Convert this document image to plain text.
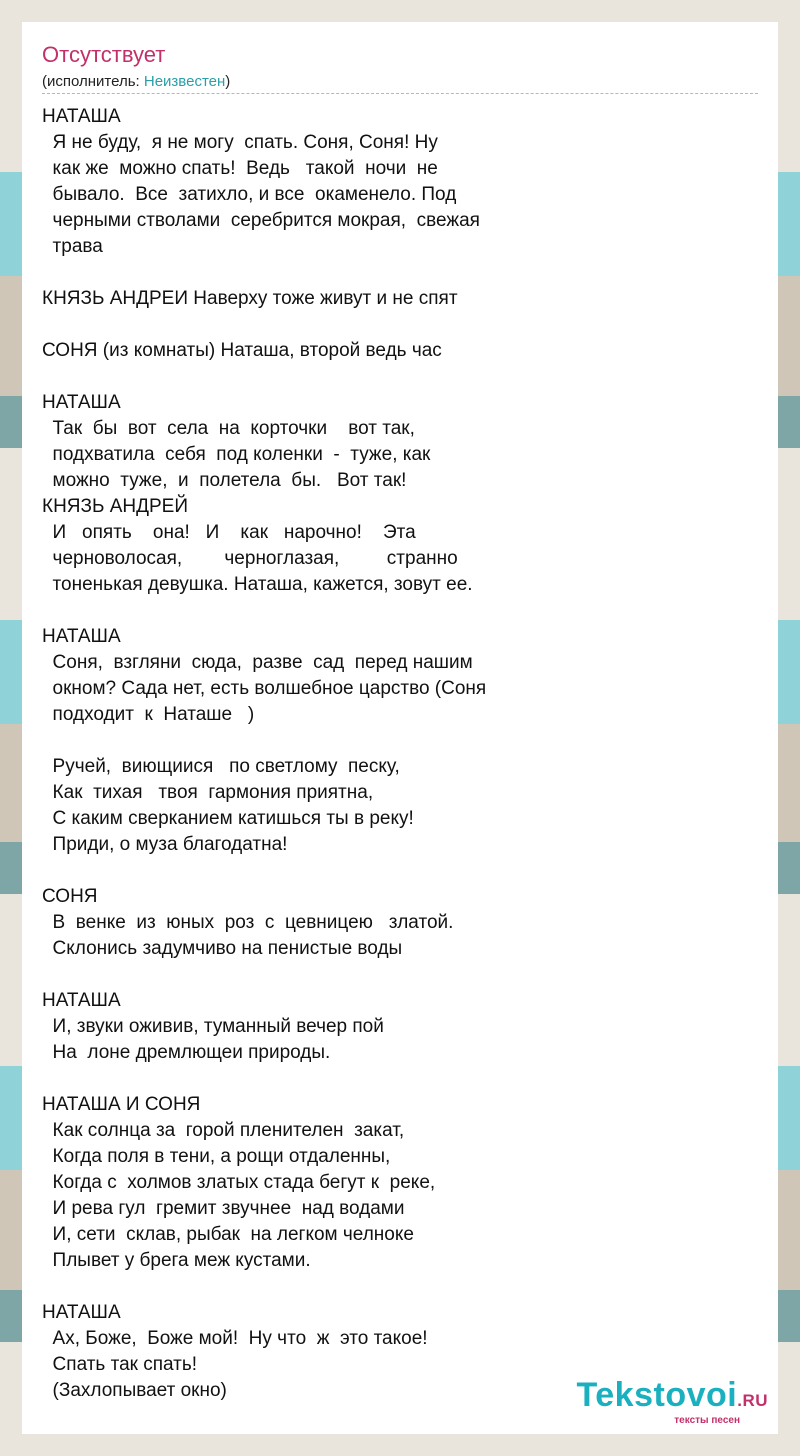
Отсутствует
(исполнитель: Неизвестен)
НАТАША
Я не буду,  я не могу  спать. Соня, Соня! Ну
как же  можно спать!  Ведь   такой  ночи  не
бывало.  Все  затихло, и все  окаменело. Под
черными стволами  серебрится мокрая,  свежая
трава
КНЯЗЬ АНДРЕИ Наверху тоже живут и не спят
СОНЯ (из комнаты) Наташа, второй ведь час
НАТАША
Так  бы  вот  села  на  корточки    вот так,
подхватила  себя  под коленки  -  туже, как
можно  туже,  и  полетела  бы.   Вот так!
КНЯЗЬ АНДРЕЙ
И   опять    она!   И    как   нарочно!    Эта
черноволосая,        черноглазая,         странно
тоненькая девушка. Наташа, кажется, зовут ее.
НАТАША
Соня,  взгляни  сюда,  разве  сад  перед нашим
окном? Сада нет, есть волшебное царство (Соня
подходит  к  Наташе   )
Ручей,  виющиися   по светлому  песку,
Как  тихая   твоя  гармония приятна,
С каким сверканием катишься ты в реку!
Приди, о муза благодатна!
СОНЯ
В  венке  из  юных  роз  с  цевницею   златой.
Склонись задумчиво на пенистые воды
НАТАША
И, звуки оживив, туманный вечер пой
На  лоне дремлющеи природы.
НАТАША И СОНЯ
Как солнца за  горой пленителен  закат,
Когда поля в тени, а рощи отдаленны,
Когда с  холмов златых стада бегут к  реке,
И рева гул  гремит звучнее  над водами
И, сети  склав, рыбак  на легком челноке
Плывет у брега меж кустами.
НАТАША
Ах, Боже,  Боже мой!  Ну что  ж  это такое!
Спать так спать!
(Захлопывает окно)	Tekstovoi.RU
тексты песен
